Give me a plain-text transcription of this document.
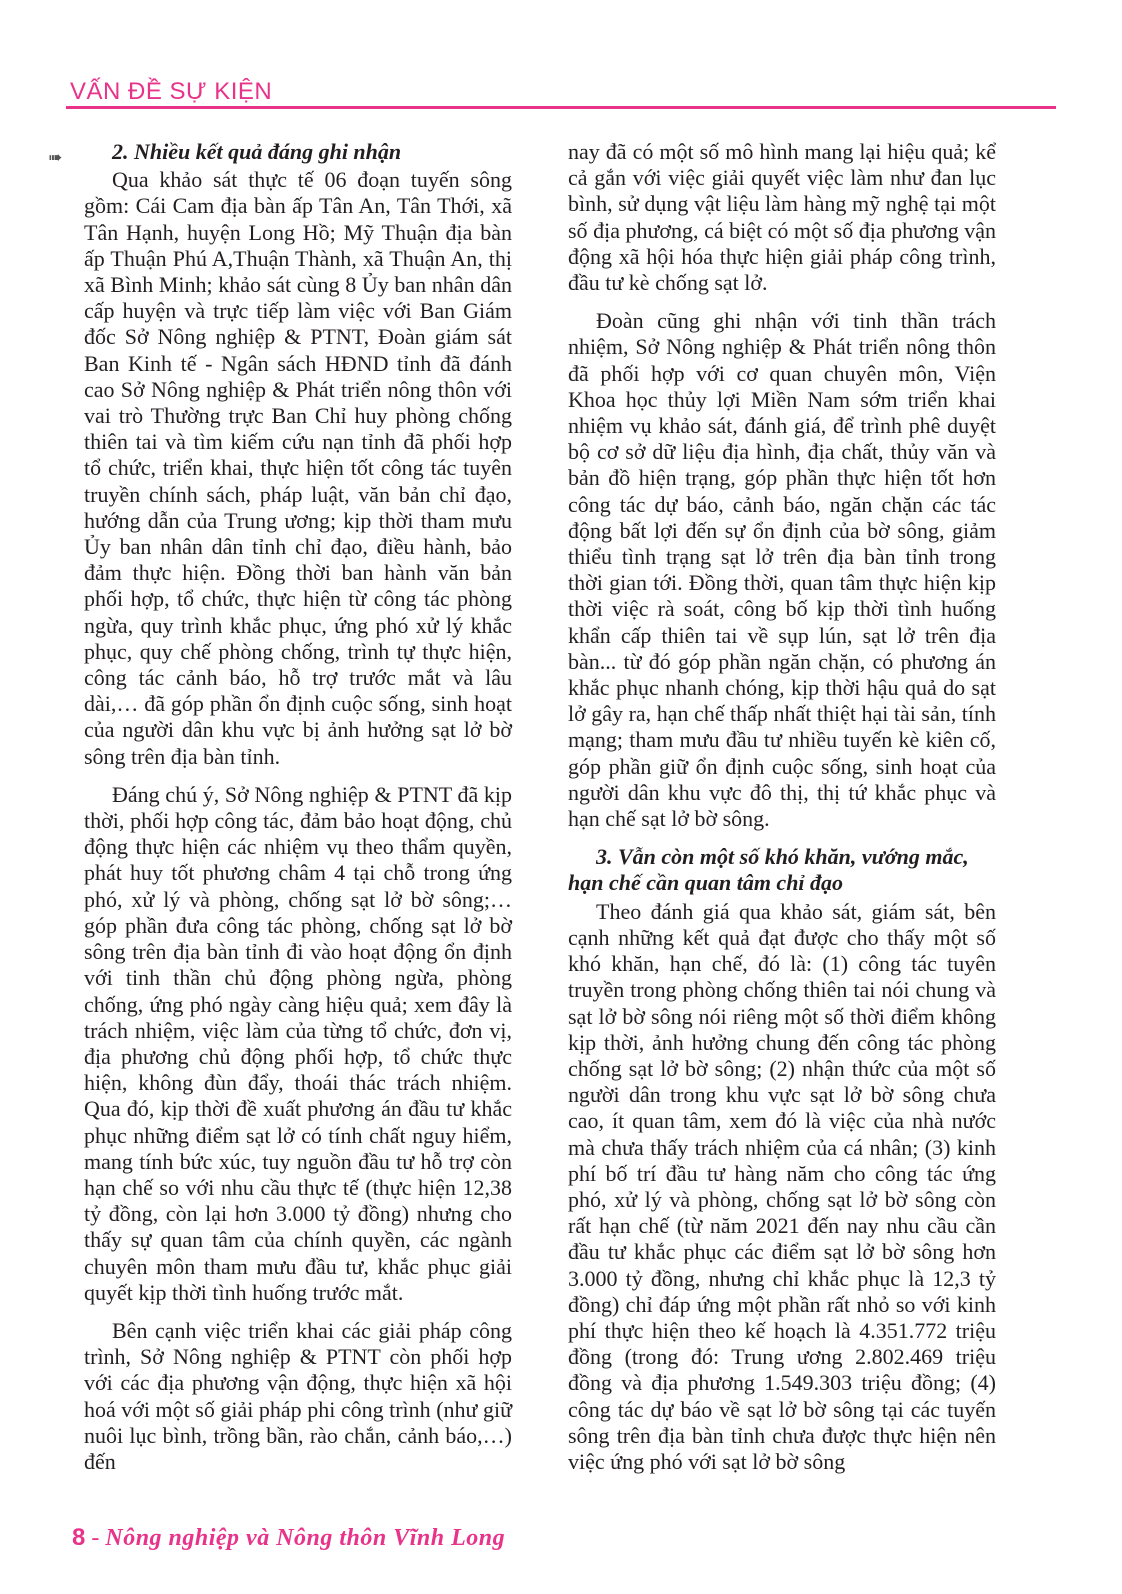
VẤN ĐỀ SỰ KIỆN
➠	2. Nhiều kết quả đáng ghi nhận

Qua khảo sát thực tế 06 đoạn tuyến sông gồm: Cái Cam địa bàn ấp Tân An, Tân Thới, xã Tân Hạnh, huyện Long Hồ; Mỹ Thuận địa bàn ấp Thuận Phú A,Thuận Thành, xã Thuận An, thị xã Bình Minh; khảo sát cùng 8 Ủy ban nhân dân cấp huyện và trực tiếp làm việc với Ban Giám đốc Sở Nông nghiệp & PTNT, Đoàn giám sát Ban Kinh tế - Ngân sách HĐND tỉnh đã đánh cao Sở Nông nghiệp & Phát triển nông thôn với vai trò Thường trực Ban Chỉ huy phòng chống thiên tai và tìm kiếm cứu nạn tỉnh đã phối hợp tổ chức, triển khai, thực hiện tốt công tác tuyên truyền chính sách, pháp luật, văn bản chỉ đạo, hướng dẫn của Trung ương; kịp thời tham mưu Ủy ban nhân dân tỉnh chỉ đạo, điều hành, bảo đảm thực hiện. Đồng thời ban hành văn bản phối hợp, tổ chức, thực hiện từ công tác phòng ngừa, quy trình khắc phục, ứng phó xử lý khắc phục, quy chế phòng chống, trình tự thực hiện, công tác cảnh báo, hỗ trợ trước mắt và lâu dài,… đã góp phần ổn định cuộc sống, sinh hoạt của người dân khu vực bị ảnh hưởng sạt lở bờ sông trên địa bàn tỉnh.

Đáng chú ý, Sở Nông nghiệp & PTNT đã kịp thời, phối hợp công tác, đảm bảo hoạt động, chủ động thực hiện các nhiệm vụ theo thẩm quyền, phát huy tốt phương châm 4 tại chỗ trong ứng phó, xử lý và phòng, chống sạt lở bờ sông;…góp phần đưa công tác phòng, chống sạt lở bờ sông trên địa bàn tỉnh đi vào hoạt động ổn định với tinh thần chủ động phòng ngừa, phòng chống, ứng phó ngày càng hiệu quả; xem đây là trách nhiệm, việc làm của từng tổ chức, đơn vị, địa phương chủ động phối hợp, tổ chức thực hiện, không đùn đẩy, thoái thác trách nhiệm. Qua đó, kịp thời đề xuất phương án đầu tư khắc phục những điểm sạt lở có tính chất nguy hiểm, mang tính bức xúc, tuy nguồn đầu tư hỗ trợ còn hạn chế so với nhu cầu thực tế (thực hiện 12,38 tỷ đồng, còn lại hơn 3.000 tỷ đồng) nhưng cho thấy sự quan tâm của chính quyền, các ngành chuyên môn tham mưu đầu tư, khắc phục giải quyết kịp thời tình huống trước mắt.

Bên cạnh việc triển khai các giải pháp công trình, Sở Nông nghiệp & PTNT còn phối hợp với các địa phương vận động, thực hiện xã hội hoá với một số giải pháp phi công trình (như giữ nuôi lục bình, trồng bần, rào chắn, cảnh báo,…) đến

nay đã có một số mô hình mang lại hiệu quả; kể cả gắn với việc giải quyết việc làm như đan lục bình, sử dụng vật liệu làm hàng mỹ nghệ tại một số địa phương, cá biệt có một số địa phương vận động xã hội hóa thực hiện giải pháp công trình, đầu tư kè chống sạt lở.

Đoàn cũng ghi nhận với tinh thần trách nhiệm, Sở Nông nghiệp & Phát triển nông thôn đã phối hợp với cơ quan chuyên môn, Viện Khoa học thủy lợi Miền Nam sớm triển khai nhiệm vụ khảo sát, đánh giá, để trình phê duyệt bộ cơ sở dữ liệu địa hình, địa chất, thủy văn và bản đồ hiện trạng, góp phần thực hiện tốt hơn công tác dự báo, cảnh báo, ngăn chặn các tác động bất lợi đến sự ổn định của bờ sông, giảm thiểu tình trạng sạt lở trên địa bàn tỉnh trong thời gian tới. Đồng thời, quan tâm thực hiện kịp thời việc rà soát, công bố kịp thời tình huống khẩn cấp thiên tai về sụp lún, sạt lở trên địa bàn... từ đó góp phần ngăn chặn, có phương án khắc phục nhanh chóng, kịp thời hậu quả do sạt lở gây ra, hạn chế thấp nhất thiệt hại tài sản, tính mạng; tham mưu đầu tư nhiều tuyến kè kiên cố, góp phần giữ ổn định cuộc sống, sinh hoạt của người dân khu vực đô thị, thị tứ khắc phục và hạn chế sạt lở bờ sông.

3. Vẫn còn một số khó khăn, vướng mắc, hạn chế cần quan tâm chỉ đạo

Theo đánh giá qua khảo sát, giám sát, bên cạnh những kết quả đạt được cho thấy một số khó khăn, hạn chế, đó là: (1) công tác tuyên truyền trong phòng chống thiên tai nói chung và sạt lở bờ sông nói riêng một số thời điểm không kịp thời, ảnh hưởng chung đến công tác phòng chống sạt lở bờ sông; (2) nhận thức của một số người dân trong khu vực sạt lở bờ sông chưa cao, ít quan tâm, xem đó là việc của nhà nước mà chưa thấy trách nhiệm của cá nhân; (3) kinh phí bố trí đầu tư hàng năm cho công tác ứng phó, xử lý và phòng, chống sạt lở bờ sông còn rất hạn chế (từ năm 2021 đến nay nhu cầu cần đầu tư khắc phục các điểm sạt lở bờ sông hơn 3.000 tỷ đồng, nhưng chỉ khắc phục là 12,3 tỷ đồng) chỉ đáp ứng một phần rất nhỏ so với kinh phí thực hiện theo kế hoạch là 4.351.772 triệu đồng (trong đó: Trung ương 2.802.469 triệu đồng và địa phương 1.549.303 triệu đồng; (4) công tác dự báo về sạt lở bờ sông tại các tuyến sông trên địa bàn tỉnh chưa được thực hiện nên việc ứng phó với sạt lở bờ sông

8 - Nông nghiệp và Nông thôn Vĩnh Long
